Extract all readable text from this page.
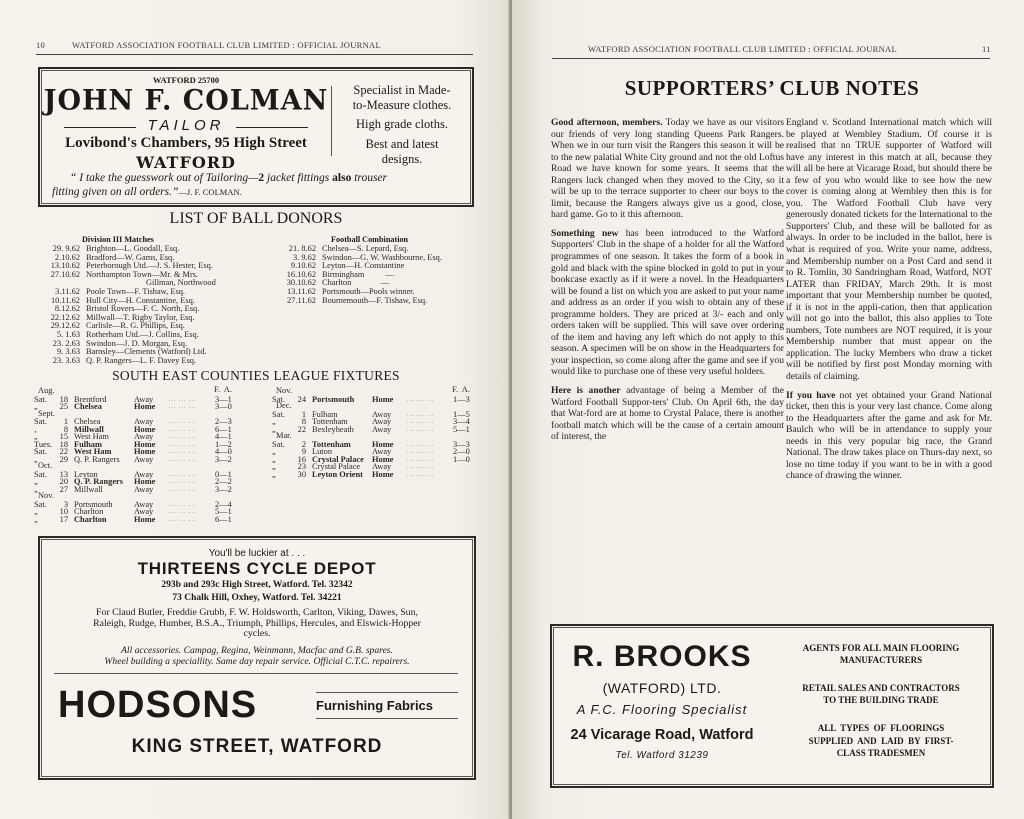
10	WATFORD ASSOCIATION FOOTBALL CLUB LIMITED : OFFICIAL JOURNAL
WATFORD 25700
JOHN F. COLMAN
TAILOR
Lovibond's Chambers, 95 High Street
WATFORD
Specialist in Made-
to-Measure clothes.
High grade cloths.
Best and latest
designs.
“ I take the guesswork out of Tailoring—2 jacket fittings also trouser
fitting given on all orders.”—J. F. COLMAN.
LIST OF BALL DONORS
Division III Matches
29. 9.62 Brighton—L. Goodall, Esq.
2.10.62 Bradford—W. Gams, Esq.
13.10.62 Peterborough Utd.—J. S. Hester, Esq.
27.10.62 Northampton Town—Mr. & Mrs.
Gillman, Northwood
3.11.62 Poole Town—F. Tishaw, Esq.
10.11.62 Hull City—H. Constantine, Esq.
8.12.62 Bristol Rovers—F. C. North, Esq.
22.12.62 Millwall—T. Rigby Taylor, Esq.
29.12.62 Carlisle—R. G. Phillips, Esq.
5. 1.63 Rotherham Utd.—J. Collins, Esq.
23. 2.63 Swindon—J. D. Morgan, Esq.
9. 3.63 Barnsley—Clements (Watford) Ltd.
23. 3.63 Q. P. Rangers—L. F. Davey Esq.
Football Combination
21. 8.62 Chelsea—S. Lepard, Esq.
3. 9.62 Swindon—G. W. Washbourne, Esq.
9.10.62 Leyton—H. Constantine
16.10.62 Birmingham          —
30.10.62 Charlton              —
13.11.62 Portsmouth—Pools winner.
27.11.62 Bournemouth—F. Tishaw, Esq.
SOUTH EAST COUNTIES LEAGUE FIXTURES
F.  A.
Aug.
Sat.	18 Brentford	Away	... ... ... 3—1
„	25 Chelsea	Home ... ... ... 3—0
Sept.
Sat.	1 Chelsea	Away	... ... ... 2—3
‚	8 Millwall	Home ... ... ... 6—1
„	15 West Ham	Away	... ... ... 4—1
Tues. 18 Fulham	Home ... ... ... 1—2
Sat.	22 West Ham	Home ... ... ... 4—0
„	29 Q. P. Rangers Away	... ... ... 3—2
Oct.
Sat.	13 Leyton	Away	... ... ... 0—1
„	20 Q. P. Rangers Home ... ... ... 2—2
„	27 Millwall	Away	... ... ... 3—2
Nov.
Sat.	3 Portsmouth	Away	... ... ... 2—4
„	10 Charlton	Away	... ... ... 5—1
„	17 Charlton	Home ... ... ... 6—1
F.  A.
Nov.
Sat.	24 Portsmouth Home ... ... ... 1—3
Dec.
Sat.	1 Fulham	Away	... ... ... 1—5
„	8 Tottenham	Away	... ... ... 3—4
„	22 Bexleyheath Away	... ... ... 5—1
Mar.
Sat.	2 Tottenham	Home ... ... ... 3—3
„	9 Luton	Away	... ... ... 2—0
„	16 Crystal Palace Home ... ... ... 1—0
„	23 Crystal Palace Away	... ... ...
„	30 Leyton Orient Home ... ... ...
You'll be luckier at . . .
THIRTEENS CYCLE DEPOT
293b and 293c High Street, Watford. Tel. 32342
73 Chalk Hill, Oxhey, Watford. Tel. 34221
For Claud Butler, Freddie Grubb, F. W. Holdsworth, Carlton, Viking, Dawes, Sun,
Raleigh, Rudge, Humber, B.S.A., Triumph, Phillips, Hercules, and Elswick-Hopper
cycles.
All accessories. Campag, Regina, Weinmann, Macfac and G.B. spares.
Wheel building a speciallity. Same day repair service. Official C.T.C. repairers.
HODSONS	Furnishing Fabrics
KING STREET, WATFORD
WATFORD ASSOCIATION FOOTBALL CLUB LIMITED : OFFICIAL JOURNAL	11
SUPPORTERS’ CLUB NOTES

Good afternoon, members. Today we have as our visitors our friends of very long standing Queens Park Rangers. When we in our turn visit the Rangers this season it will be to the new palatial White City ground and not the old Loftus Road we have known for some years. It seems that the Rangers luck changed when they moved to the City, so it will be up to the terrace supporter to cheer our boys to the limit, because the Rangers always give us a good, close, hard game. Go to it this afternoon.

Something new has been introduced to the Watford Supporters' Club in the shape of a holder for all the Watford programmes of one season. It takes the form of a book in gold and black with the spine blocked in gold to put in your bookcase exactly as if it were a novel. In the Headquarters will be found a list on which you are asked to put your name and address as an order if you wish to obtain any of these programme holders. They are priced at 3/- each and only orders taken will be supplied. This will save over ordering of the item and having any left which do not apply to this season. A specimen will be on show in the Headquarters for your inspection, so come along after the game and see if you would like to purchase one of these very useful holders.

Here is another advantage of being a Member of the Watford Football Suppor-ters' Club. On April 6th, the day that Wat-ford are at home to Crystal Palace, there is another football match which will be the cause of a certain amount of interest, the

England v. Scotland International match which will be played at Wembley Stadium. Of course it is realised that no TRUE supporter of Watford will have any interest in this match at all, because they will all be here at Vicarage Road, but should there be a few of you who would like to see how the new cover is coming along at Wembley then this is for you. The Watford Football Club have very generously donated tickets for the International to the Supporters' Club, and these will be balloted for as always. In order to be included in the ballot, here is what is required of you. Write your name, address, and Membership number on a Post Card and send it to R. Tomlin, 30 Sandringham Road, Watford, NOT LATER than FRIDAY, March 29th. It is most important that your Membership number be quoted, if it is not in the appli-cation, then that application will not go into the ballot, this also applies to Tote numbers, Tote numbers are NOT required, it is your Membership number that must appear on the application. The lucky Members who draw a ticket will be notified by first post Monday morning with details of claiming.

If you have not yet obtained your Grand National ticket, then this is your very last chance. Come along to the Headquarters after the game and ask for Mr. Baulch who will be in attendance to supply your needs in this very popular big race, the Grand National. The draw takes place on Thurs-day next, so lose no time today if you want to be in with a good chance of drawing the winner.

R. BROOKS
(WATFORD) LTD.
A F.C. Flooring Specialist
24 Vicarage Road, Watford
Tel. Watford 31239
AGENTS FOR ALL MAIN FLOORING
MANUFACTURERS
RETAIL SALES AND CONTRACTORS
TO THE BUILDING TRADE
ALL  TYPES  OF  FLOORINGS
SUPPLIED  AND  LAID  BY  FIRST-
CLASS TRADESMEN
